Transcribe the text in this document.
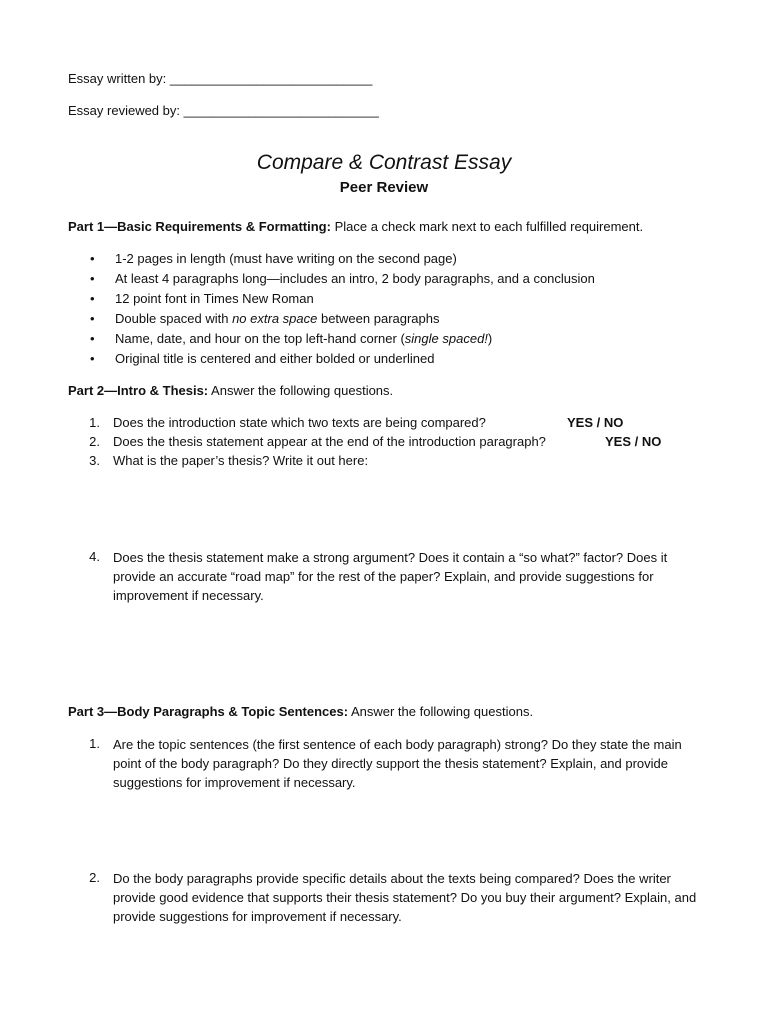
Essay written by: ____________________________
Essay reviewed by: ___________________________
Compare & Contrast Essay
Peer Review
Part 1—Basic Requirements & Formatting: Place a check mark next to each fulfilled requirement.
• 1-2 pages in length (must have writing on the second page)
• At least 4 paragraphs long—includes an intro, 2 body paragraphs, and a conclusion
• 12 point font in Times New Roman
• Double spaced with no extra space between paragraphs
• Name, date, and hour on the top left-hand corner (single spaced!)
• Original title is centered and either bolded or underlined
Part 2—Intro & Thesis: Answer the following questions.
1. Does the introduction state which two texts are being compared?	YES / NO
2. Does the thesis statement appear at the end of the introduction paragraph?	YES / NO
3. What is the paper’s thesis? Write it out here:
4. Does the thesis statement make a strong argument? Does it contain a “so what?” factor? Does it provide an accurate “road map” for the rest of the paper? Explain, and provide suggestions for improvement if necessary.
Part 3—Body Paragraphs & Topic Sentences: Answer the following questions.
1. Are the topic sentences (the first sentence of each body paragraph) strong? Do they state the main point of the body paragraph? Do they directly support the thesis statement? Explain, and provide suggestions for improvement if necessary.
2. Do the body paragraphs provide specific details about the texts being compared? Does the writer provide good evidence that supports their thesis statement? Do you buy their argument? Explain, and provide suggestions for improvement if necessary.
